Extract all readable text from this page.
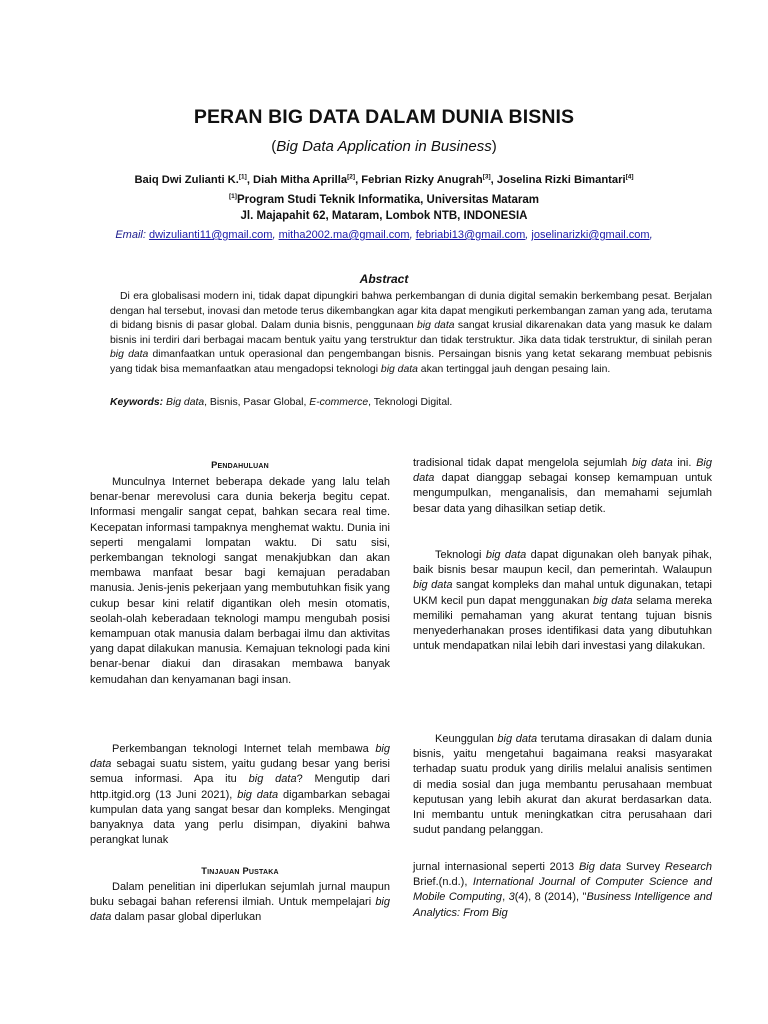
PERAN BIG DATA DALAM DUNIA BISNIS
(Big Data Application in Business)
Baiq Dwi Zulianti K.[1], Diah Mitha Aprilla[2], Febrian Rizky Anugrah[3], Joselina Rizki Bimantari[4]
[1]Program Studi Teknik Informatika, Universitas Mataram
Jl. Majapahit 62, Mataram, Lombok NTB, INDONESIA
Email: dwizulianti11@gmail.com, mitha2002.ma@gmail.com, febriabi13@gmail.com, joselinarizki@gmail.com,
Abstract
Di era globalisasi modern ini, tidak dapat dipungkiri bahwa perkembangan di dunia digital semakin berkembang pesat. Berjalan dengan hal tersebut, inovasi dan metode terus dikembangkan agar kita dapat mengikuti perkembangan zaman yang ada, terutama di bidang bisnis di pasar global. Dalam dunia bisnis, penggunaan big data sangat krusial dikarenakan data yang masuk ke dalam bisnis ini terdiri dari berbagai macam bentuk yaitu yang terstruktur dan tidak terstruktur. Jika data tidak terstruktur, di sinilah peran big data dimanfaatkan untuk operasional dan pengembangan bisnis. Persaingan bisnis yang ketat sekarang membuat pebisnis yang tidak bisa memanfaatkan atau mengadopsi teknologi big data akan tertinggal jauh dengan pesaing lain.
Keywords: Big data, Bisnis, Pasar Global, E-commerce, Teknologi Digital.
Pendahuluan

Munculnya Internet beberapa dekade yang lalu telah benar-benar merevolusi cara dunia bekerja begitu cepat. Informasi mengalir sangat cepat, bahkan secara real time. Kecepatan informasi tampaknya menghemat waktu. Dunia ini seperti mengalami lompatan waktu. Di satu sisi, perkembangan teknologi sangat menakjubkan dan akan membawa manfaat besar bagi kemajuan peradaban manusia. Jenis-jenis pekerjaan yang membutuhkan fisik yang cukup besar kini relatif digantikan oleh mesin otomatis, seolah-olah keberadaan teknologi mampu mengubah posisi kemampuan otak manusia dalam berbagai ilmu dan aktivitas yang dapat dilakukan manusia. Kemajuan teknologi pada kini benar-benar diakui dan dirasakan membawa banyak kemudahan dan kenyamanan bagi insan.

Perkembangan teknologi Internet telah membawa big data sebagai suatu sistem, yaitu gudang besar yang berisi semua informasi. Apa itu big data? Mengutip dari http.itgid.org (13 Juni 2021), big data digambarkan sebagai kumpulan data yang sangat besar dan kompleks. Mengingat banyaknya data yang perlu disimpan, diyakini bahwa perangkat lunak

Tinjauan Pustaka

Dalam penelitian ini diperlukan sejumlah jurnal maupun buku sebagai bahan referensi ilmiah. Untuk mempelajari big data dalam pasar global diperlukan

tradisional tidak dapat mengelola sejumlah big data ini. Big data dapat dianggap sebagai konsep kemampuan untuk mengumpulkan, menganalisis, dan memahami sejumlah besar data yang dihasilkan setiap detik.

Teknologi big data dapat digunakan oleh banyak pihak, baik bisnis besar maupun kecil, dan pemerintah. Walaupun big data sangat kompleks dan mahal untuk digunakan, tetapi UKM kecil pun dapat menggunakan big data selama mereka memiliki pemahaman yang akurat tentang tujuan bisnis menyederhanakan proses identifikasi data yang dibutuhkan untuk mendapatkan nilai lebih dari investasi yang dilakukan.

Keunggulan big data terutama dirasakan di dalam dunia bisnis, yaitu mengetahui bagaimana reaksi masyarakat terhadap suatu produk yang dirilis melalui analisis sentimen di media sosial dan juga membantu perusahaan membuat keputusan yang lebih akurat dan akurat berdasarkan data. Ini membantu untuk meningkatkan citra perusahaan dari sudut pandang pelanggan.

jurnal internasional seperti 2013 Big data Survey Research Brief.(n.d.), International Journal of Computer Science and Mobile Computing, 3(4), 8 (2014), "Business Intelligence and Analytics: From Big
